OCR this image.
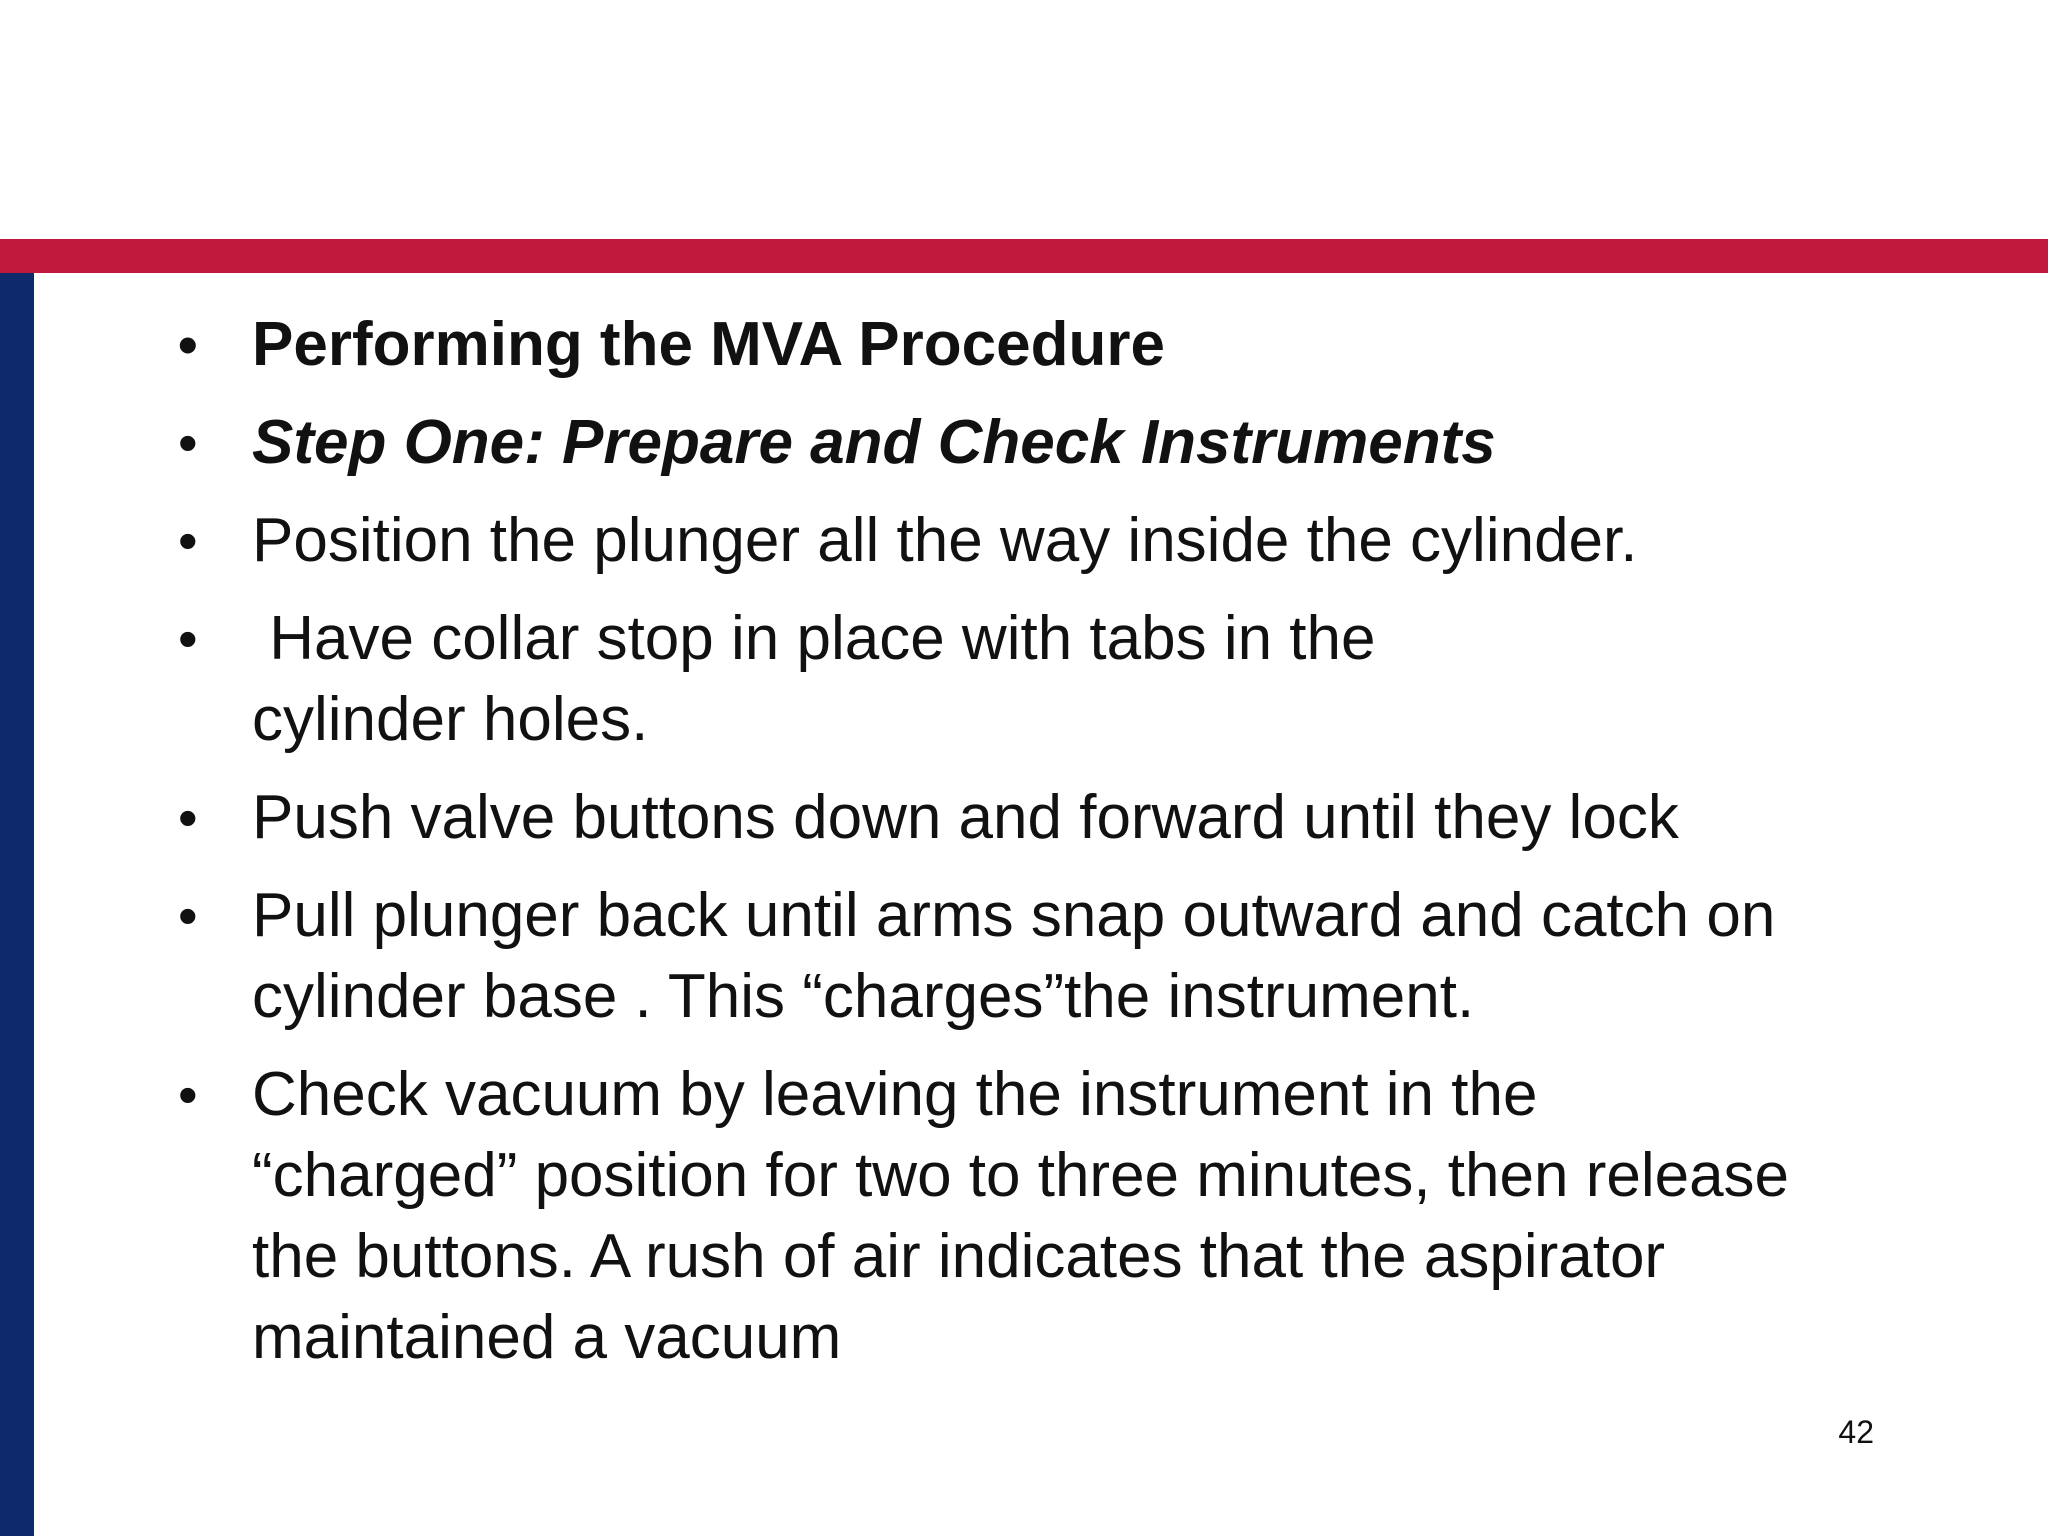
• Performing the MVA Procedure
• Step One: Prepare and Check Instruments
• Position the plunger all the way inside the cylinder.
• Have collar stop in place with tabs in the cylinder holes.
• Push valve buttons down and forward until they lock
• Pull plunger back until arms snap outward and catch on cylinder base . This “charges”the instrument.
• Check vacuum by leaving the instrument in the “charged” position for two to three minutes, then release the buttons. A rush of air indicates that the aspirator maintained a vacuum
42
